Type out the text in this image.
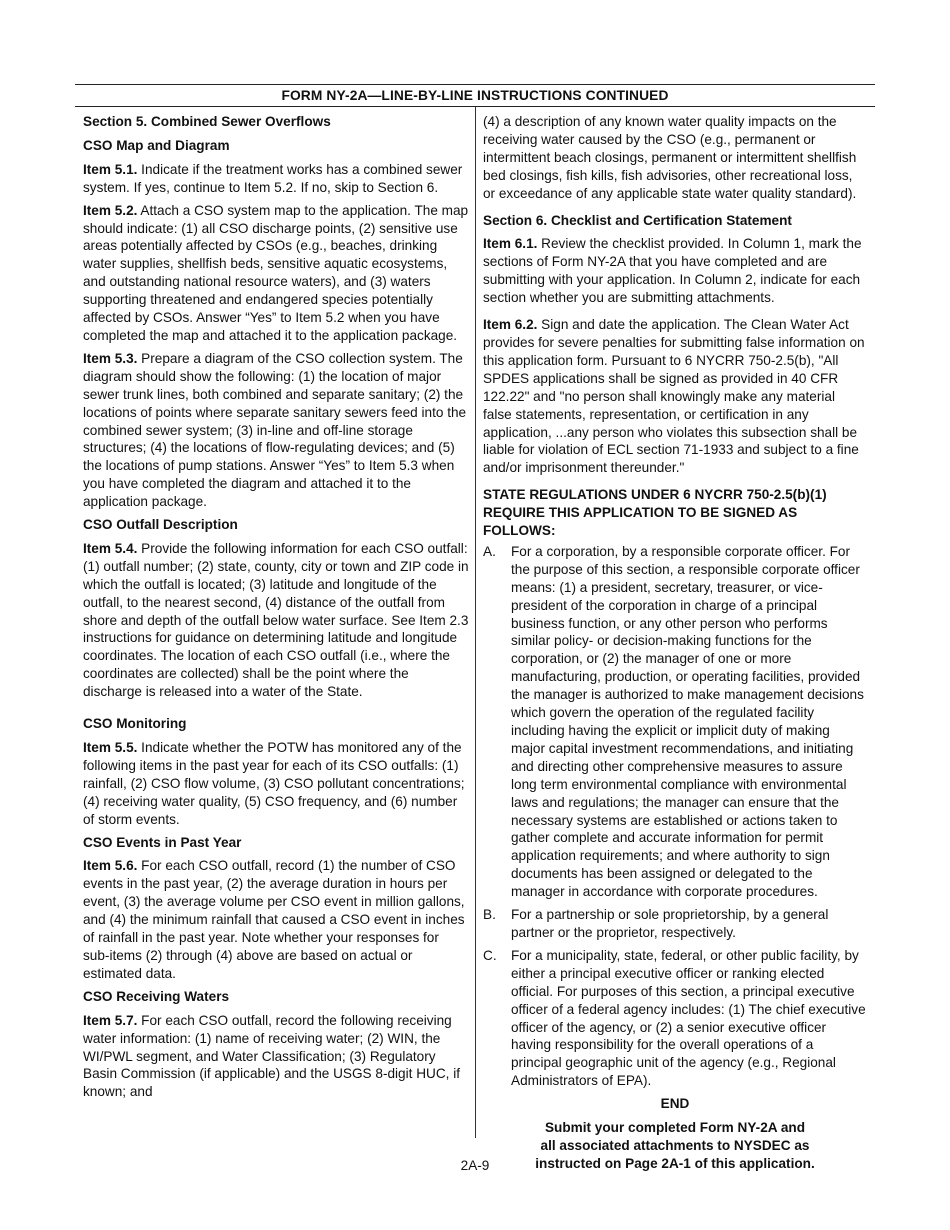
FORM NY-2A—LINE-BY-LINE INSTRUCTIONS CONTINUED
Section 5. Combined Sewer Overflows
CSO Map and Diagram

Item 5.1. Indicate if the treatment works has a combined sewer system. If yes, continue to Item 5.2. If no, skip to Section 6.

Item 5.2. Attach a CSO system map to the application. The map should indicate: (1) all CSO discharge points, (2) sensitive use areas potentially affected by CSOs (e.g., beaches, drinking water supplies, shellfish beds, sensitive aquatic ecosystems, and outstanding national resource waters), and (3) waters supporting threatened and endangered species potentially affected by CSOs. Answer “Yes” to Item 5.2 when you have completed the map and attached it to the application package.

Item 5.3. Prepare a diagram of the CSO collection system. The diagram should show the following: (1) the location of major sewer trunk lines, both combined and separate sanitary; (2) the locations of points where separate sanitary sewers feed into the combined sewer system; (3) in-line and off-line storage structures; (4) the locations of flow-regulating devices; and (5) the locations of pump stations. Answer “Yes” to Item 5.3 when you have completed the diagram and attached it to the application package.

CSO Outfall Description

Item 5.4. Provide the following information for each CSO outfall: (1) outfall number; (2) state, county, city or town and ZIP code in which the outfall is located; (3) latitude and longitude of the outfall, to the nearest second, (4) distance of the outfall from shore and depth of the outfall below water surface. See Item 2.3 instructions for guidance on determining latitude and longitude coordinates. The location of each CSO outfall (i.e., where the coordinates are collected) shall be the point where the discharge is released into a water of the State.

CSO Monitoring

Item 5.5. Indicate whether the POTW has monitored any of the following items in the past year for each of its CSO outfalls: (1) rainfall, (2) CSO flow volume, (3) CSO pollutant concentrations; (4) receiving water quality, (5) CSO frequency, and (6) number of storm events.

CSO Events in Past Year

Item 5.6. For each CSO outfall, record (1) the number of CSO events in the past year, (2) the average duration in hours per event, (3) the average volume per CSO event in million gallons, and (4) the minimum rainfall that caused a CSO event in inches of rainfall in the past year. Note whether your responses for sub-items (2) through (4) above are based on actual or estimated data.

CSO Receiving Waters

Item 5.7. For each CSO outfall, record the following receiving water information: (1) name of receiving water; (2) WIN, the WI/PWL segment, and Water Classification; (3) Regulatory Basin Commission (if applicable) and the USGS 8-digit HUC, if known; and

(4) a description of any known water quality impacts on the receiving water caused by the CSO (e.g., permanent or intermittent beach closings, permanent or intermittent shellfish bed closings, fish kills, fish advisories, other recreational loss, or exceedance of any applicable state water quality standard).

Section 6. Checklist and Certification Statement

Item 6.1. Review the checklist provided. In Column 1, mark the sections of Form NY-2A that you have completed and are submitting with your application. In Column 2, indicate for each section whether you are submitting attachments.

Item 6.2. Sign and date the application. The Clean Water Act provides for severe penalties for submitting false information on this application form. Pursuant to 6 NYCRR 750-2.5(b), "All SPDES applications shall be signed as provided in 40 CFR 122.22" and "no person shall knowingly make any material false statements, representation, or certification in any application, ...any person who violates this subsection shall be liable for violation of ECL section 71-1933 and subject to a fine and/or imprisonment thereunder."

STATE REGULATIONS UNDER 6 NYCRR 750-2.5(b)(1) REQUIRE THIS APPLICATION TO BE SIGNED AS FOLLOWS:
A.	For a corporation, by a responsible corporate officer. For the purpose of this section, a responsible corporate officer means: (1) a president, secretary, treasurer, or vice-president of the corporation in charge of a principal business function, or any other person who performs similar policy- or decision-making functions for the corporation, or (2) the manager of one or more manufacturing, production, or operating facilities, provided the manager is authorized to make management decisions which govern the operation of the regulated facility including having the explicit or implicit duty of making major capital investment recommendations, and initiating and directing other comprehensive measures to assure long term environmental compliance with environmental laws and regulations; the manager can ensure that the necessary systems are established or actions taken to gather complete and accurate information for permit application requirements; and where authority to sign documents has been assigned or delegated to the manager in accordance with corporate procedures.
B.	For a partnership or sole proprietorship, by a general partner or the proprietor, respectively.
C.	For a municipality, state, federal, or other public facility, by either a principal executive officer or ranking elected official. For purposes of this section, a principal executive officer of a federal agency includes: (1) The chief executive officer of the agency, or (2) a senior executive officer having responsibility for the overall operations of a principal geographic unit of the agency (e.g., Regional Administrators of EPA).
END
Submit your completed Form NY-2A and
all associated attachments to NYSDEC as
instructed on Page 2A-1 of this application.
2A-9
